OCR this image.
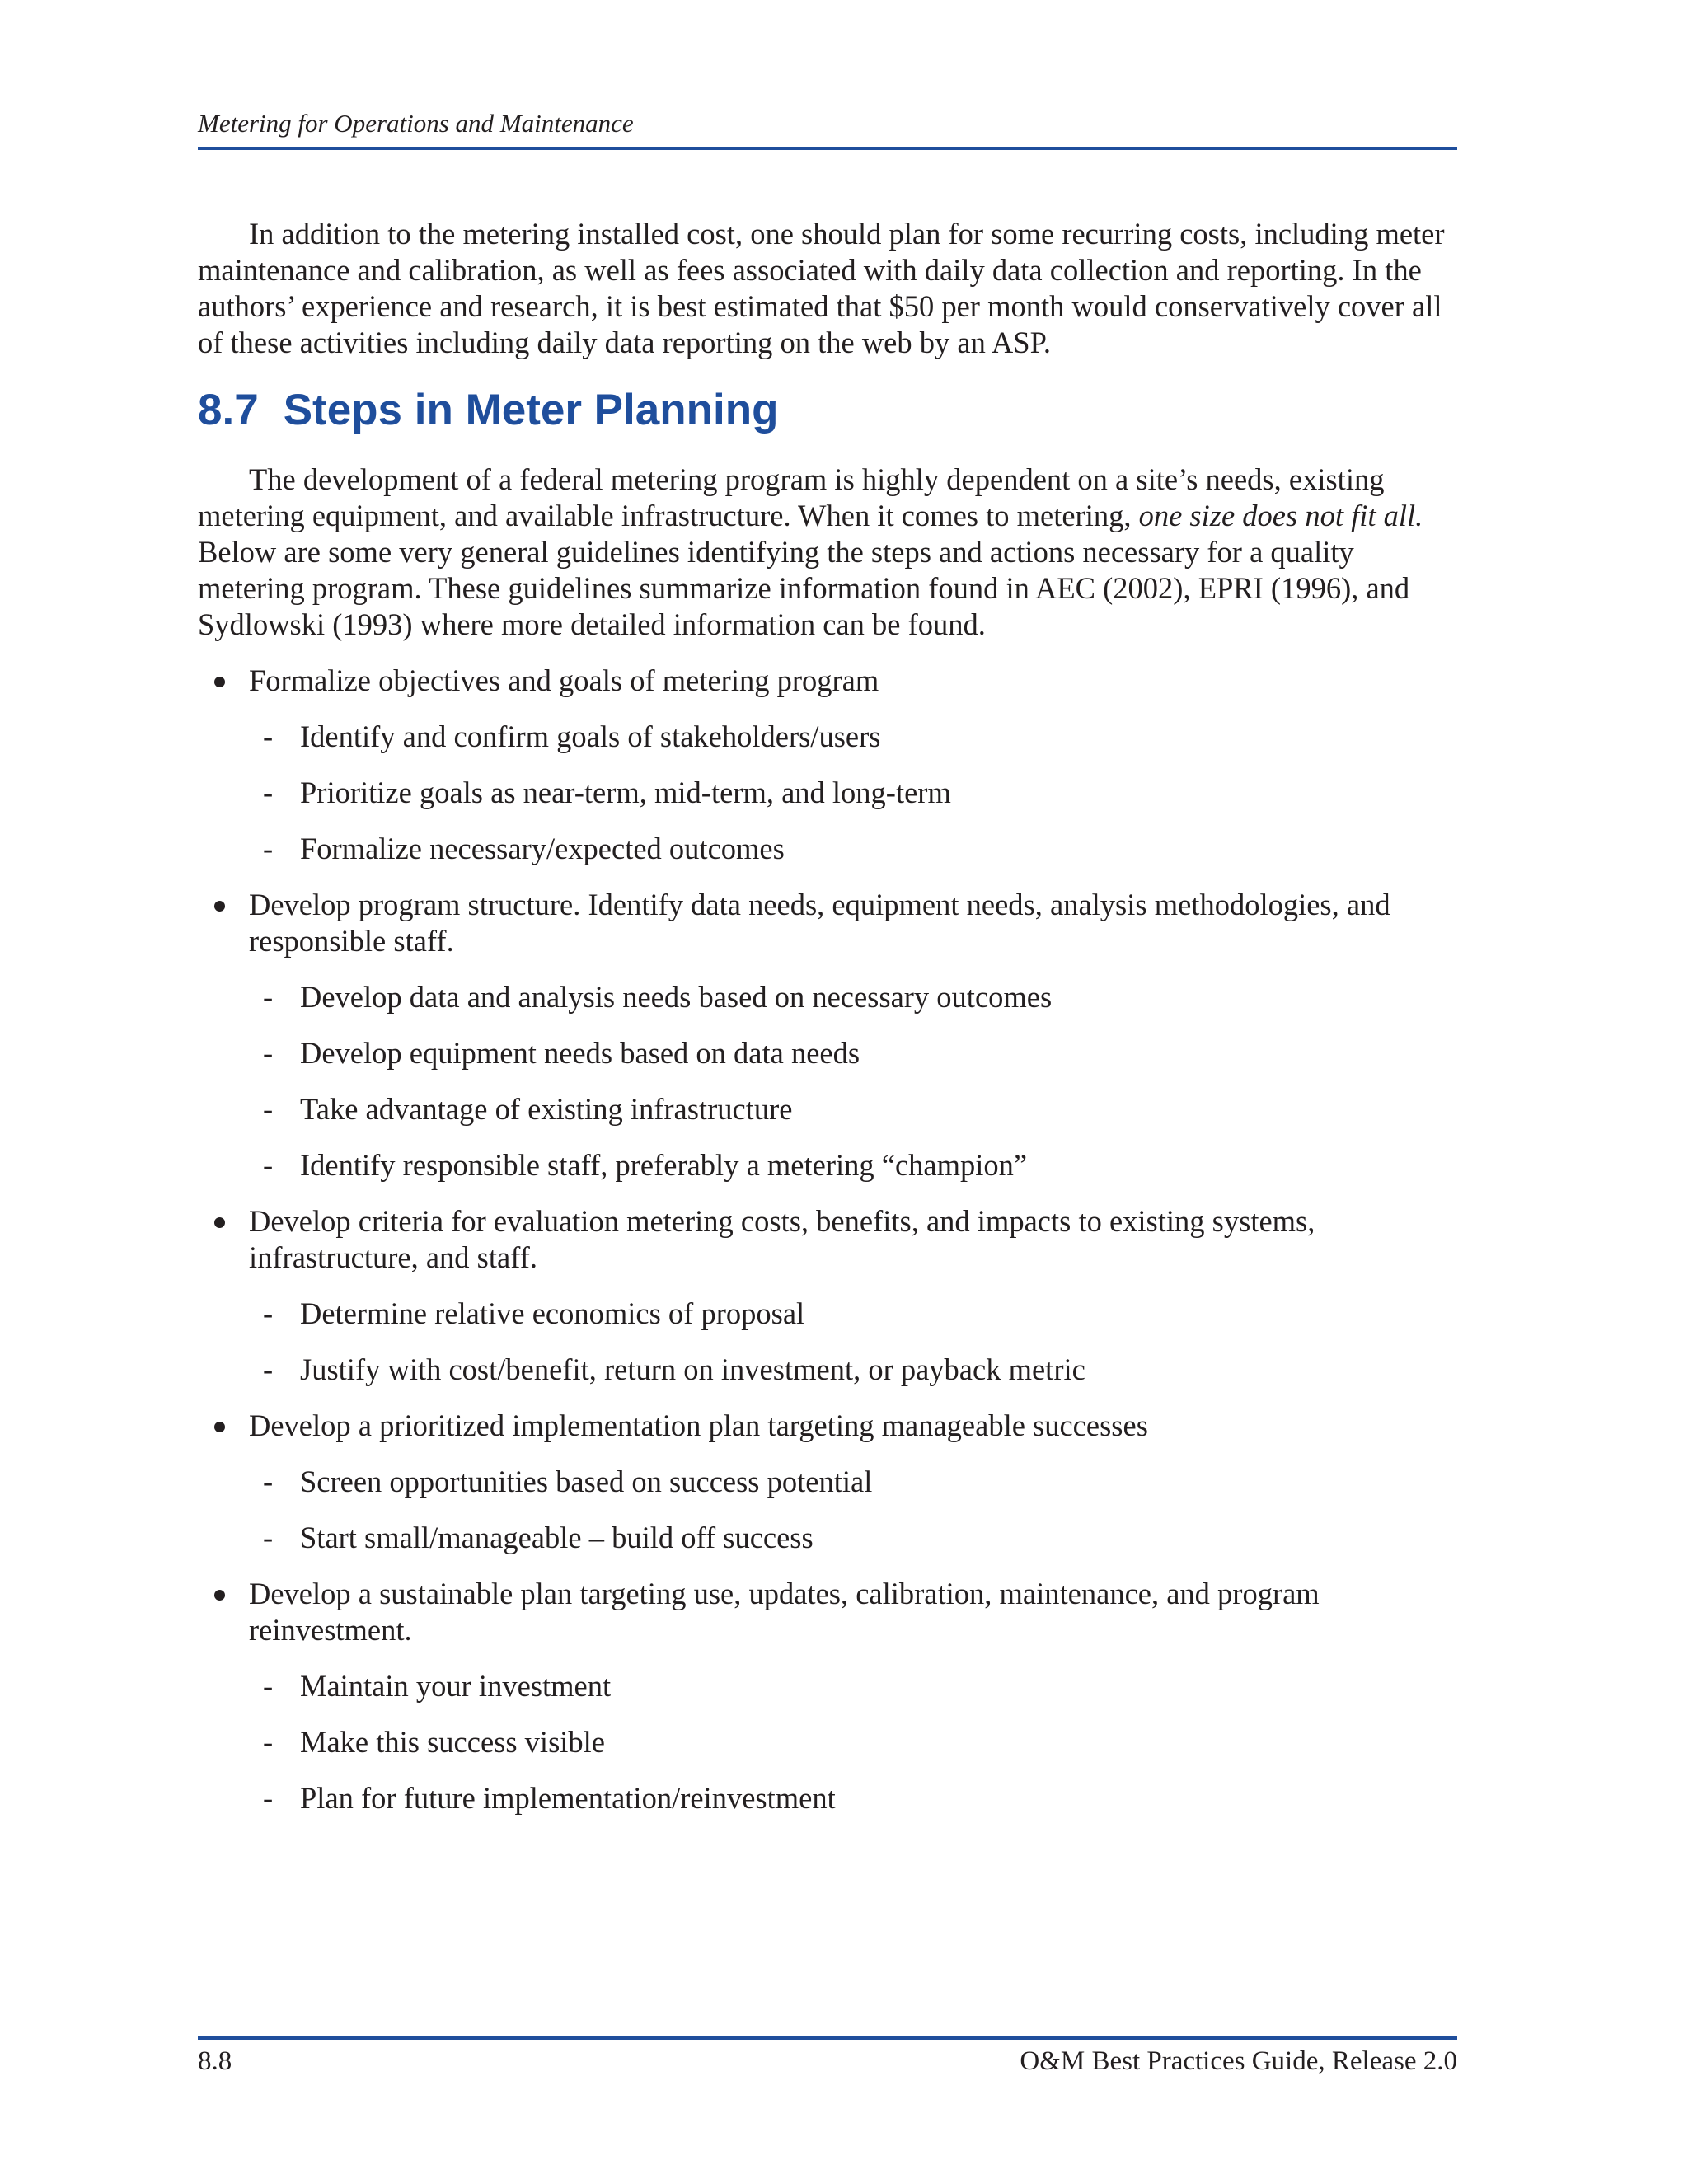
Metering for Operations and Maintenance

In addition to the metering installed cost, one should plan for some recurring costs, including meter maintenance and calibration, as well as fees associated with daily data collection and reporting. In the authors’ experience and research, it is best estimated that $50 per month would conservatively cover all of these activities including daily data reporting on the web by an ASP.

8.7 Steps in Meter Planning

The development of a federal metering program is highly dependent on a site’s needs, existing metering equipment, and available infrastructure. When it comes to metering, one size does not fit all. Below are some very general guidelines identifying the steps and actions necessary for a quality metering program. These guidelines summarize information found in AEC (2002), EPRI (1996), and Sydlowski (1993) where more detailed information can be found.

Formalize objectives and goals of metering program
- Identify and confirm goals of stakeholders/users
- Prioritize goals as near-term, mid-term, and long-term
- Formalize necessary/expected outcomes
Develop program structure. Identify data needs, equipment needs, analysis methodologies, and responsible staff.
- Develop data and analysis needs based on necessary outcomes
- Develop equipment needs based on data needs
- Take advantage of existing infrastructure
- Identify responsible staff, preferably a metering “champion”
Develop criteria for evaluation metering costs, benefits, and impacts to existing systems, infrastructure, and staff.
- Determine relative economics of proposal
- Justify with cost/benefit, return on investment, or payback metric
Develop a prioritized implementation plan targeting manageable successes
- Screen opportunities based on success potential
- Start small/manageable – build off success
Develop a sustainable plan targeting use, updates, calibration, maintenance, and program reinvestment.
- Maintain your investment
- Make this success visible
- Plan for future implementation/reinvestment
8.8	O&M Best Practices Guide, Release 2.0
